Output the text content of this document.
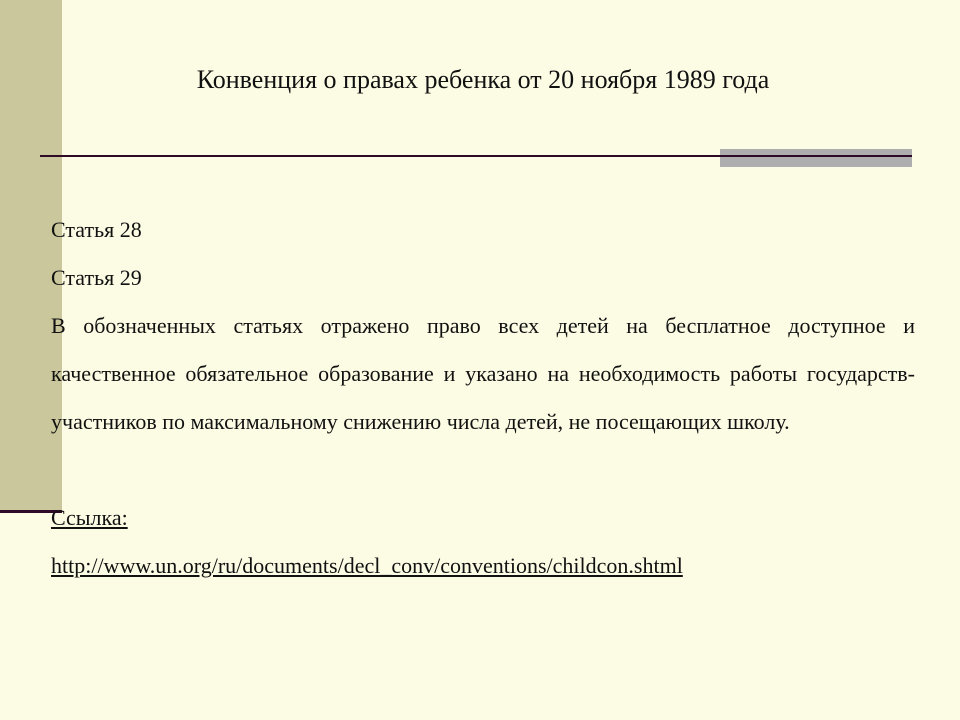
Конвенция о правах ребенка от 20 ноября 1989 года

Статья 28

Статья 29

В обозначенных статьях отражено право всех детей на бесплатное доступное и качественное обязательное образование и указано на необходимость работы государств-участников по максимальному снижению числа детей, не посещающих школу.

Ссылка:

http://www.un.org/ru/documents/decl_conv/conventions/childcon.shtml
